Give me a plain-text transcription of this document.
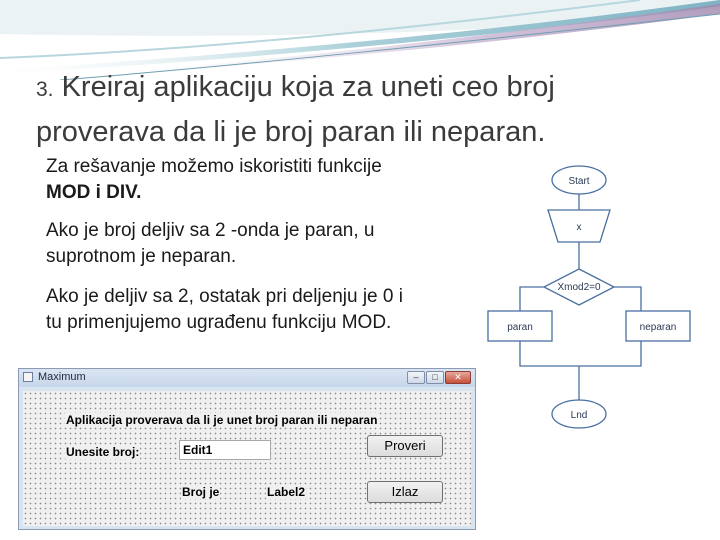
3. Kreiraj aplikaciju koja za uneti ceo broj
proverava da li je broj paran ili neparan.
Za rešavanje možemo iskoristiti funkcije
MOD i DIV.
Ako je broj deljiv sa 2 -onda je paran, u
suprotnom je neparan.
Ako je deljiv sa 2, ostatak pri deljenju je 0 i
tu primenjujemo ugrađenu funkciju MOD.
Start
x
Xmod2=0
paran	neparan
Lnd
Maximum	–	□	✕
Aplikacija proverava da li je unet broj paran ili neparan
Unesite broj:	Edit1	Proveri
Broj je	Label2	Izlaz
